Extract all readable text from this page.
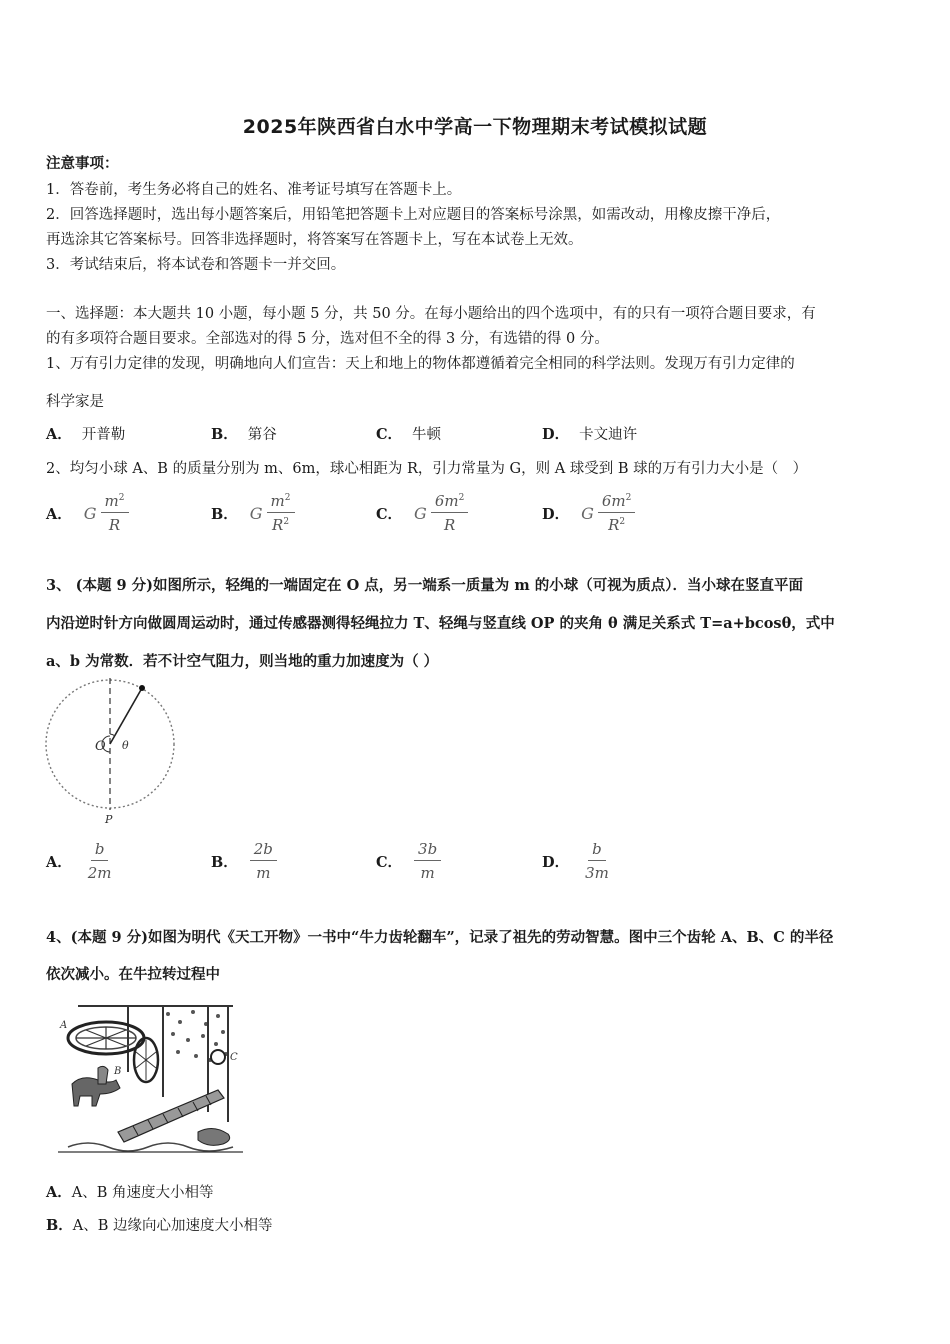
2025年陕西省白水中学高一下物理期末考试模拟试题
注意事项：
1．答卷前，考生务必将自己的姓名、准考证号填写在答题卡上。
2．回答选择题时，选出每小题答案后，用铅笔把答题卡上对应题目的答案标号涂黑，如需改动，用橡皮擦干净后，
再选涂其它答案标号。回答非选择题时，将答案写在答题卡上，写在本试卷上无效。
3．考试结束后，将本试卷和答题卡一并交回。
一、选择题：本大题共 10 小题，每小题 5 分，共 50 分。在每小题给出的四个选项中，有的只有一项符合题目要求，有
的有多项符合题目要求。全部选对的得 5 分，选对但不全的得 3 分，有选错的得 0 分。
1、万有引力定律的发现，明确地向人们宣告：天上和地上的物体都遵循着完全相同的科学法则。发现万有引力定律的
科学家是
A． 开普勒	B． 第谷	C． 牛顿	D． 卡文迪许
2、均匀小球 A、B 的质量分别为 m、6m，球心相距为 R，引力常量为 G，则 A 球受到 B 球的万有引力大小是（　）
A． G $\frac{m^2}{R}$	B． G $\frac{m^2}{R^2}$	C． G $\frac{6m^2}{R}$	D． G $\frac{6m^2}{R^2}$
3、 (本题 9 分)如图所示，轻绳的一端固定在 O 点，另一端系一质量为 m 的小球（可视为质点）．当小球在竖直平面
内沿逆时针方向做圆周运动时，通过传感器测得轻绳拉力 T、轻绳与竖直线 OP 的夹角 θ 满足关系式 T=a+bcosθ，式中
a、b 为常数．若不计空气阻力，则当地的重力加速度为（ ）
O θ
P
A． $\frac{b}{2m}$	B． $\frac{2b}{m}$	C． $\frac{3b}{m}$	D． $\frac{b}{3m}$
4、(本题 9 分)如图为明代《天工开物》一书中“牛力齿轮翻车”，记录了祖先的劳动智慧。图中三个齿轮 A、B、C 的半径
依次减小。在牛拉转过程中
A
B
C
A．A、B 角速度大小相等
B．A、B 边缘向心加速度大小相等
